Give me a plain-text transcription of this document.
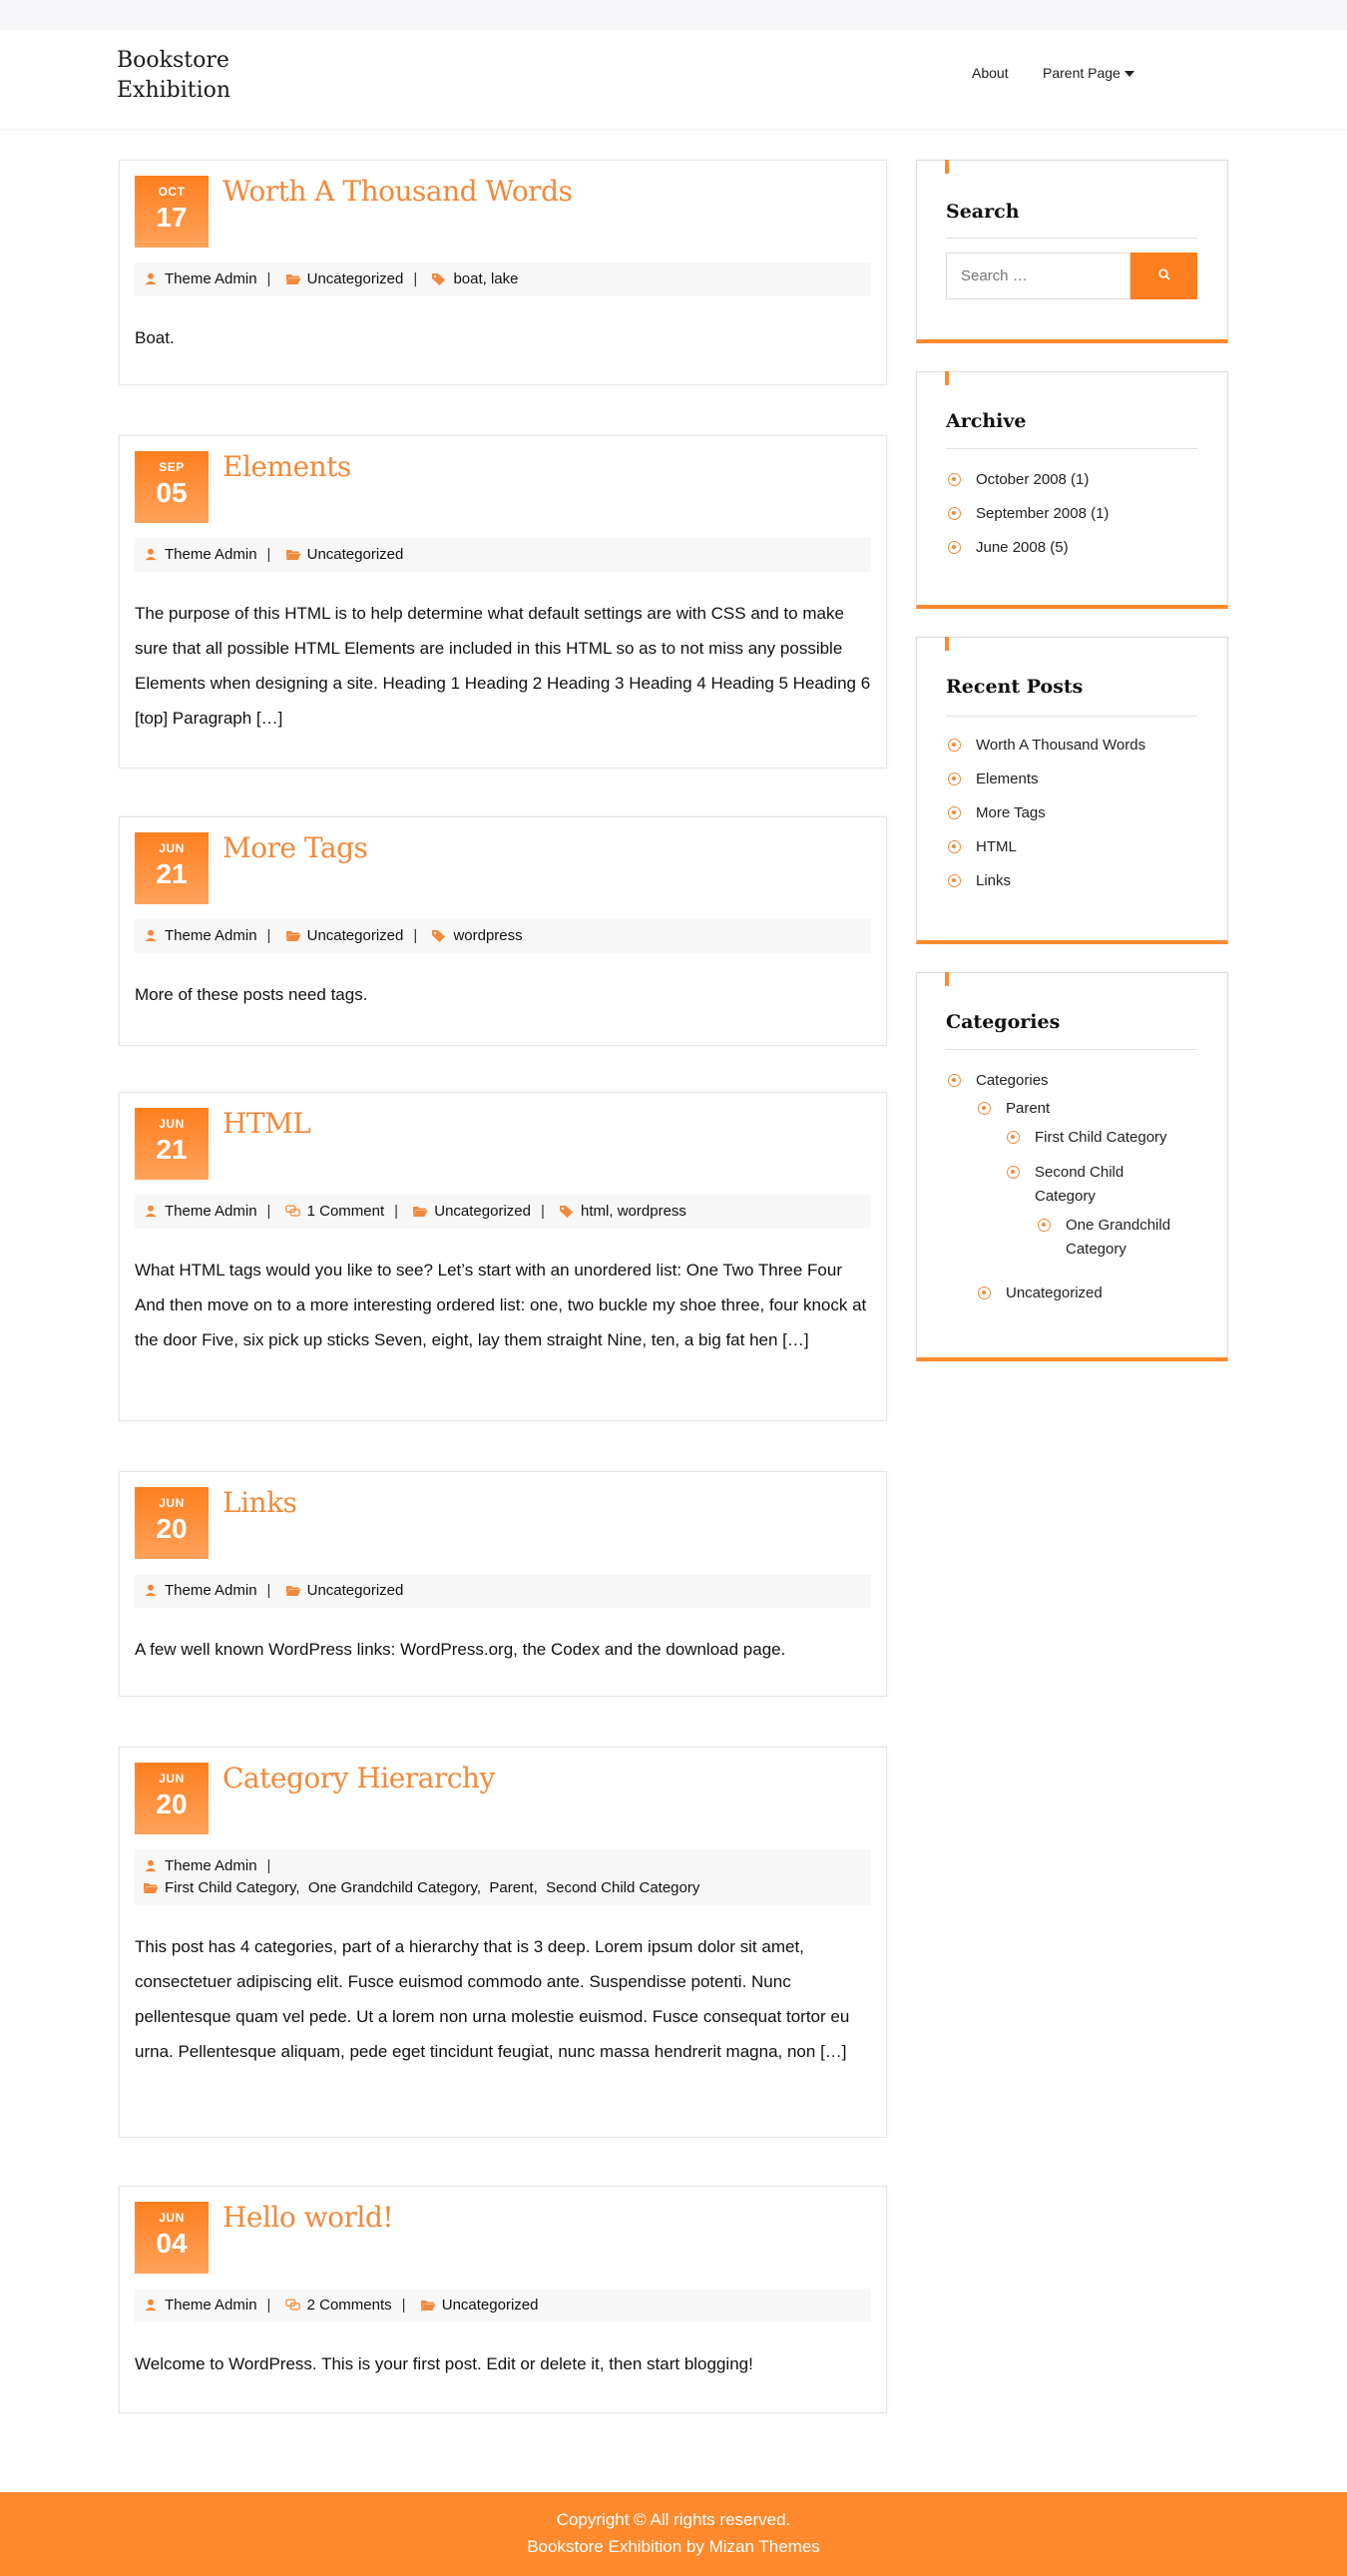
Bookstore Exhibition
About Parent Page
OCT
17
Worth A Thousand Words
Theme Admin | Uncategorized | boat, lake

Boat.

SEP
05
Elements
Theme Admin | Uncategorized

The purpose of this HTML is to help determine what default settings are with CSS and to make sure that all possible HTML Elements are included in this HTML so as to not miss any possible Elements when designing a site. Heading 1 Heading 2 Heading 3 Heading 4 Heading 5 Heading 6 [top] Paragraph […]

JUN
21
More Tags
Theme Admin | Uncategorized | wordpress

More of these posts need tags.

JUN
21
HTML
Theme Admin | 1 Comment | Uncategorized | html, wordpress

What HTML tags would you like to see? Let’s start with an unordered list: One Two Three Four And then move on to a more interesting ordered list: one, two buckle my shoe three, four knock at the door Five, six pick up sticks Seven, eight, lay them straight Nine, ten, a big fat hen […]

JUN
20
Links
Theme Admin | Uncategorized

A few well known WordPress links: WordPress.org, the Codex and the download page.

JUN
20
Category Hierarchy
Theme Admin |
First Child Category,  One Grandchild Category,  Parent,  Second Child Category

This post has 4 categories, part of a hierarchy that is 3 deep. Lorem ipsum dolor sit amet, consectetuer adipiscing elit. Fusce euismod commodo ante. Suspendisse potenti. Nunc pellentesque quam vel pede. Ut a lorem non urna molestie euismod. Fusce consequat tortor eu urna. Pellentesque aliquam, pede eget tincidunt feugiat, nunc massa hendrerit magna, non […]

JUN
04
Hello world!
Theme Admin | 2 Comments | Uncategorized

Welcome to WordPress. This is your first post. Edit or delete it, then start blogging!

Search
Search …
Archive
October 2008 (1)
September 2008 (1)
June 2008 (5)
Recent Posts
Worth A Thousand Words
Elements
More Tags
HTML
Links
Categories
Categories
Parent
First Child Category
Second Child
Category
One Grandchild
Category
Uncategorized
Copyright © All rights reserved.
Bookstore Exhibition by Mizan Themes
